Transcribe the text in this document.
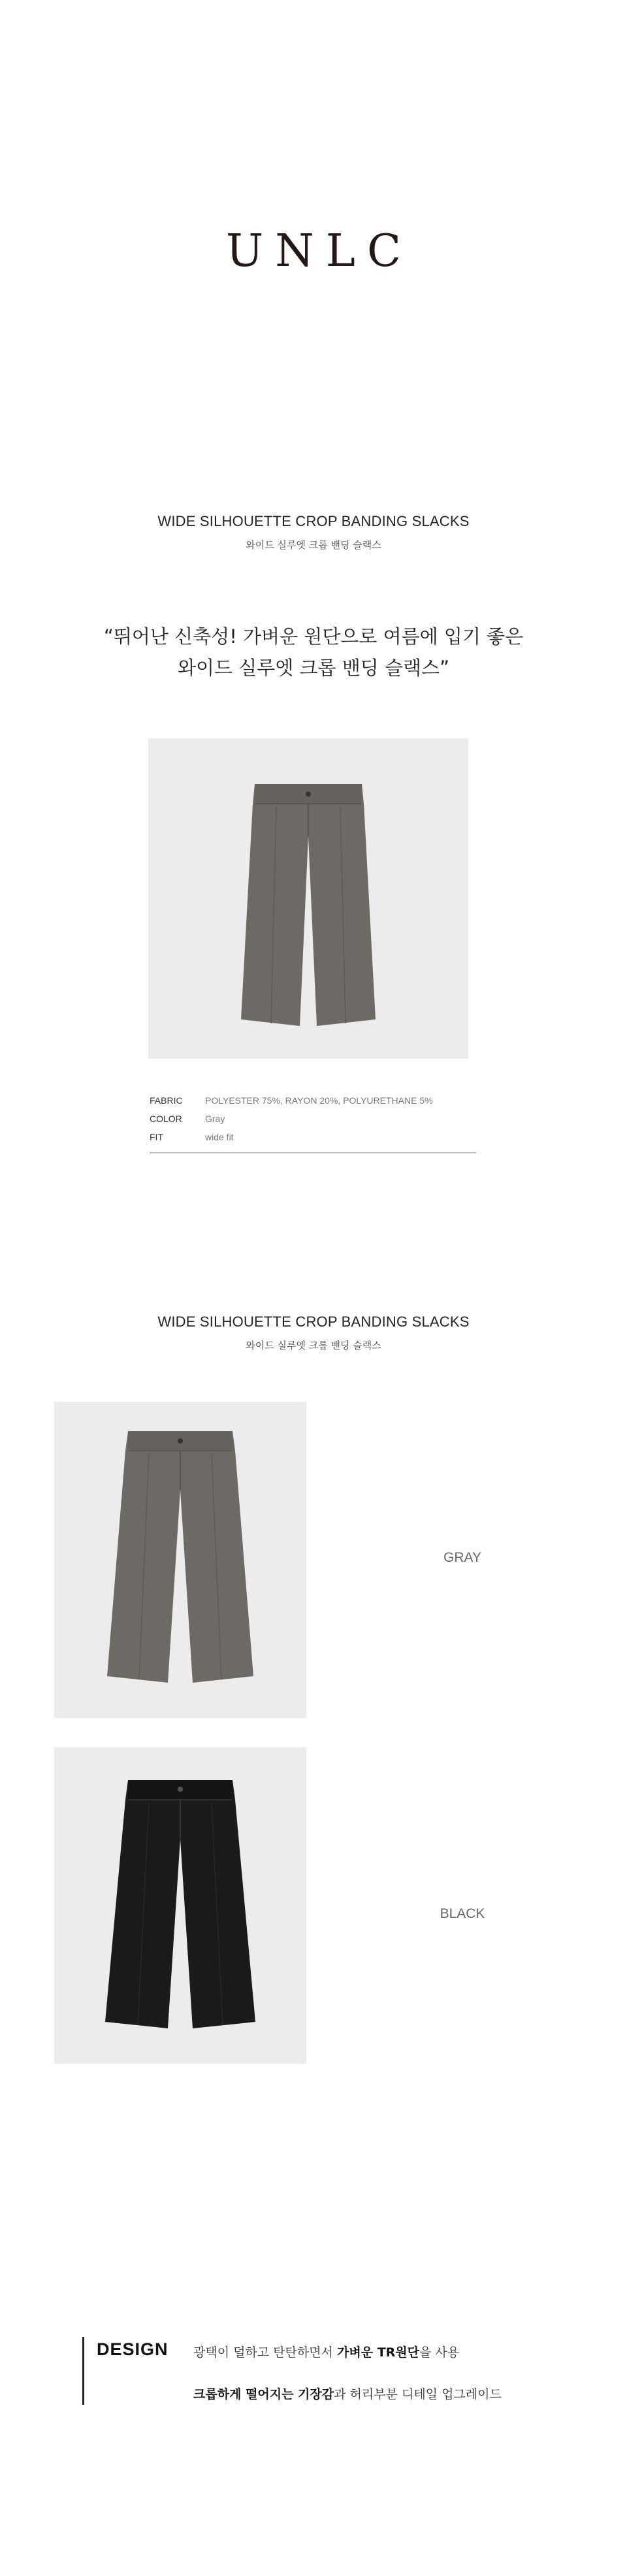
UNLC
WIDE SILHOUETTE CROP BANDING SLACKS
와이드 실루엣 크롭 밴딩 슬랙스
“뛰어난 신축성! 가벼운 원단으로 여름에 입기 좋은
와이드 실루엣 크롭 밴딩 슬랙스”
FABRIC	POLYESTER 75%, RAYON 20%, POLYURETHANE 5%
COLOR	Gray
FIT	wide fit
WIDE SILHOUETTE CROP BANDING SLACKS
와이드 실루엣 크롭 밴딩 슬랙스
GRAY
BLACK
DESIGN 광택이 덜하고 탄탄하면서 가벼운 TR원단을 사용
크롭하게 떨어지는 기장감과 허리부분 디테일 업그레이드
